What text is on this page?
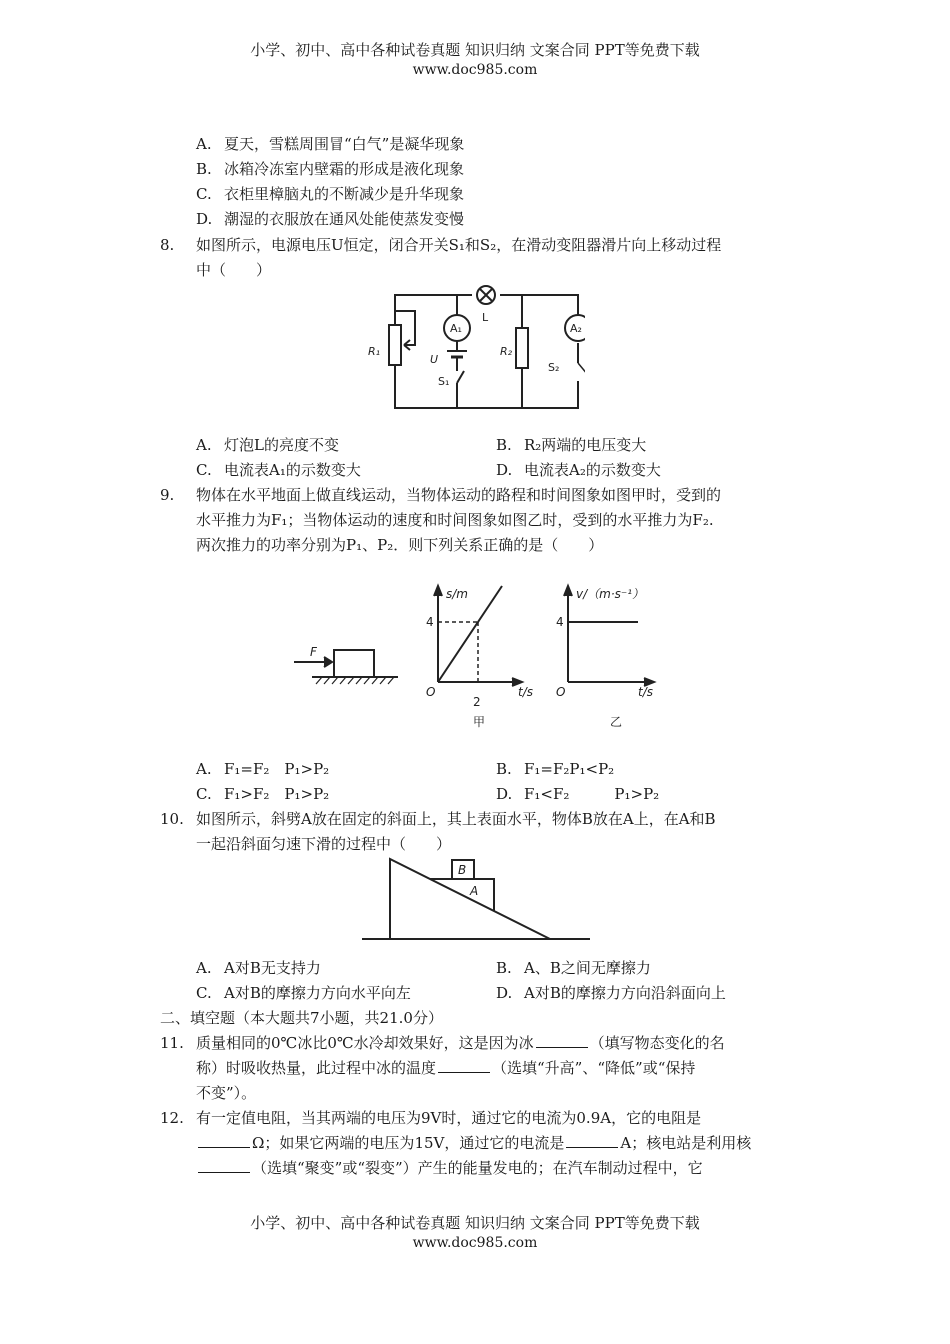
小学、初中、高中各种试卷真题 知识归纳 文案合同 PPT等免费下载
www.doc985.com
A. 夏天，雪糕周围冒“白气”是凝华现象
B. 冰箱冷冻室内壁霜的形成是液化现象
C. 衣柜里樟脑丸的不断减少是升华现象
D. 潮湿的衣服放在通风处能使蒸发变慢
8. 如图所示，电源电压U恒定，闭合开关S₁和S₂，在滑动变阻器滑片向上移动过程
中（　　）
R₁
A₁
U
S₁
L
R₂
A₂
S₂
A. 灯泡L的亮度不变	B. R₂两端的电压变大
C. 电流表A₁的示数变大	D. 电流表A₂的示数变大
9. 物体在水平地面上做直线运动，当物体运动的路程和时间图象如图甲时，受到的
水平推力为F₁；当物体运动的速度和时间图象如图乙时，受到的水平推力为F₂.
两次推力的功率分别为P₁、P₂．则下列关系正确的是（　　）
F
s/m
4
O
2
t/s
甲
v/（m·s⁻¹）
4
O	t/s
乙
A. F₁=F₂　P₁>P₂	B. F₁=F₂P₁<P₂
C. F₁>F₂　P₁>P₂	D. F₁<F₂　　　P₁>P₂
10. 如图所示，斜劈A放在固定的斜面上，其上表面水平，物体B放在A上，在A和B
一起沿斜面匀速下滑的过程中（　　）
B
A
A. A对B无支持力	B. A、B之间无摩擦力
C. A对B的摩擦力方向水平向左	D. A对B的摩擦力方向沿斜面向上
二、填空题（本大题共7小题，共21.0分）
11. 质量相同的0℃冰比0℃水冷却效果好，这是因为冰	（填写物态变化的名
称）时吸收热量，此过程中冰的温度	（选填“升高”、“降低”或“保持
不变”）。
12. 有一定值电阻，当其两端的电压为9V时，通过它的电流为0.9A，它的电阻是
Ω；如果它两端的电压为15V，通过它的电流是	A；核电站是利用核
（选填“聚变”或“裂变”）产生的能量发电的；在汽车制动过程中，它
小学、初中、高中各种试卷真题 知识归纳 文案合同 PPT等免费下载
www.doc985.com
